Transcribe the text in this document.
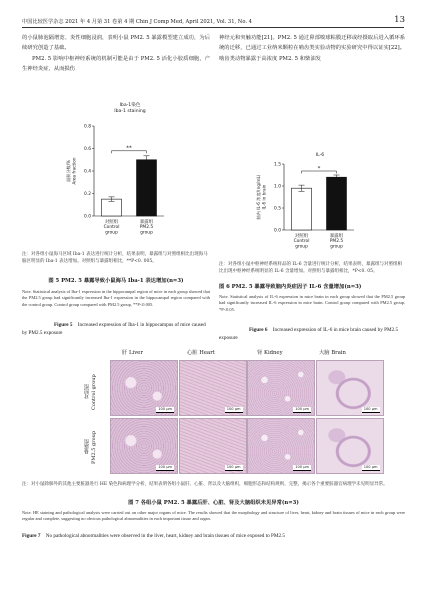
中国比较医学杂志 2021 年 4 月第 31 卷第 4 期 Chin J Comp Med, April 2021, Vol. 31, No. 4	13
的小鼠肺泡隔增宽、炎性细胞浸润，表明小鼠 PM2. 5 暴露模型建立成功，为后续研究创造了基础。
PM2. 5 影响中枢神经系统的机制可能是由于 PM2. 5 活化小胶质细胞，产生神经炎症，从而损伤
神经元和突触功能[21]。PM2. 5 通过鼻部嗅球粘膜迁移或经摄取后进入循环系统的迁移，已通过工业纳米颗粒在啮齿类实验动物的实验研究中得以证实[22]。啮齿类动物暴露于高浓度 PM2. 5 和柴油发
Iba-1染色 Iba-1 staining
面积分数/%Area fraction
0.0
0.2
0.4
0.6
0.8
对照组 Control group
暴露组 PM2.5 group
**
IL-6
脑内 IL-6 浓度/(ng/mL)IL-6 in brain
0.0
0.5
1.0
1.5
对照组 Control group
暴露组 PM2.5 group
*
注：对各组小鼠海马区域 Iba-1 表达进行统计分析，结果表明，暴露组与对照组相比出现海马脑区明显的 Iba-1 表达增加。对照组与暴露组相比，**P<0. 005。
图 5 PM2. 5 暴露导致小鼠海马 Iba-1 表达增加(n=3)
Note. Statistical analysis of Iba-1 expression in the hippocampal region of mice in each group showed that the PM2.5 group had significantly increased Iba-1 expression in the hippocampal region compared with the control group. Control group compared with PM2.5 group, **P<0.005.
Figure 5 Increased expression of Iba-1 in hippocampus of mice caused by PM2.5 exposure
注：对各组小鼠中枢神经系统样品的 IL-6 含量进行统计分析，结果表明，暴露组与对照组相比出现中枢神经系统明显的 IL-6 含量增加。对照组与暴露组相比，*P<0. 05。
图 6 PM2. 5 暴露导致脑内炎症因子 IL-6 含量增加(n=3)
Note. Statistical analysis of IL-6 expression in mice brain in each group showed that the PM2.5 group had significantly increased IL-6 expression in mice brain. Control group compared with PM2.5 group, *P<0.05.
Figure 6 Increased expression of IL-6 in mice brain caused by PM2.5 exposure
肝 Liver	心脏 Heart	肾 Kidney	大脑 Brain
对照组
Control group
暴露组
PM2.5 group
100 μm	100 μm	100 μm	100 μm
100 μm	100 μm	100 μm	100 μm
注：对小鼠除肺外的其他主要脏器进行 HE 染色和病理学分析，结果表明各组小鼠肝、心脏、肾以及大脑组织，细胞形态和结构规则、完整，揭示各个重要脏器官病理学未见明显异常。
图 7 各组小鼠 PM2. 5 暴露后肝、心脏、肾及大脑组织未见异常(n=3)
Note. HE staining and pathological analysis were carried out on other major organs of mice. The results showed that the morphology and structure of liver, heart, kidney and brain tissues of mice in each group were regular and complete, suggesting no obvious pathological abnormalities in each important tissue and organ.
Figure 7 No pathological abnormalities were observed in the liver, heart, kidney and brain tissues of mice exposed to PM2.5
